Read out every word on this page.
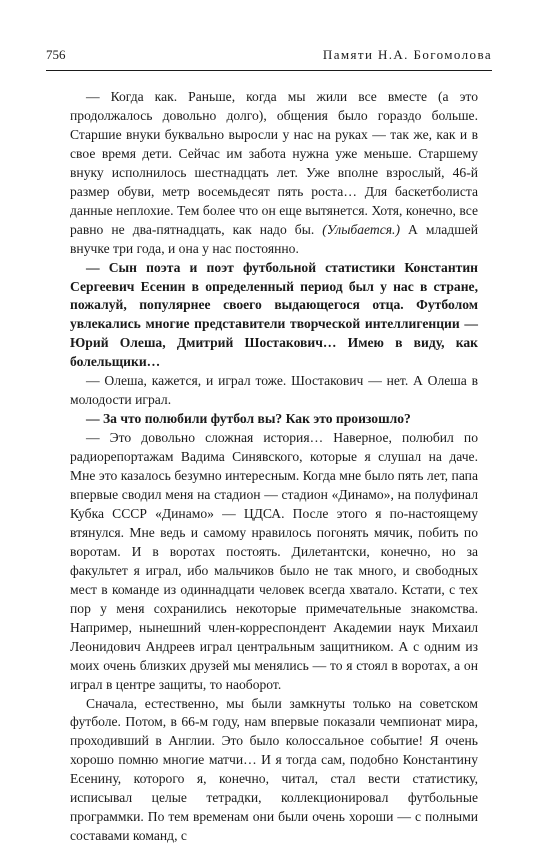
756	Памяти Н.А. Богомолова

— Когда как. Раньше, когда мы жили все вместе (а это продолжалось довольно долго), общения было гораздо больше. Старшие внуки буквально выросли у нас на руках — так же, как и в свое время дети. Сейчас им забота нужна уже меньше. Старшему внуку исполнилось шестнадцать лет. Уже вполне взрослый, 46-й размер обуви, метр восемьдесят пять роста… Для баскетболиста данные неплохие. Тем более что он еще вытянется. Хотя, конечно, все равно не два-пятнадцать, как надо бы. (Улыбается.) А младшей внучке три года, и она у нас постоянно.

— Сын поэта и поэт футбольной статистики Константин Сергеевич Есенин в определенный период был у нас в стране, пожалуй, популярнее своего выдающегося отца. Футболом увлекались многие представители творческой интеллигенции — Юрий Олеша, Дмитрий Шостакович… Имею в виду, как болельщики…

— Олеша, кажется, и играл тоже. Шостакович — нет. А Олеша в молодости играл.

— За что полюбили футбол вы? Как это произошло?

— Это довольно сложная история… Наверное, полюбил по радиорепортажам Вадима Синявского, которые я слушал на даче. Мне это казалось безумно интересным. Когда мне было пять лет, папа впервые сводил меня на стадион — стадион «Динамо», на полуфинал Кубка СССР «Динамо» — ЦДСА. После этого я по-настоящему втянулся. Мне ведь и самому нравилось погонять мячик, побить по воротам. И в воротах постоять. Дилетантски, конечно, но за факультет я играл, ибо мальчиков было не так много, и свободных мест в команде из одиннадцати человек всегда хватало. Кстати, с тех пор у меня сохранились некоторые примечательные знакомства. Например, нынешний член-корреспондент Академии наук Михаил Леонидович Андреев играл центральным защитником. А с одним из моих очень близких друзей мы менялись — то я стоял в воротах, а он играл в центре защиты, то наоборот.

Сначала, естественно, мы были замкнуты только на советском футболе. Потом, в 66-м году, нам впервые показали чемпионат мира, проходивший в Англии. Это было колоссальное событие! Я очень хорошо помню многие матчи… И я тогда сам, подобно Константину Есенину, которого я, конечно, читал, стал вести статистику, исписывал целые тетрадки, коллекционировал футбольные программки. По тем временам они были очень хороши — с полными составами команд, с
